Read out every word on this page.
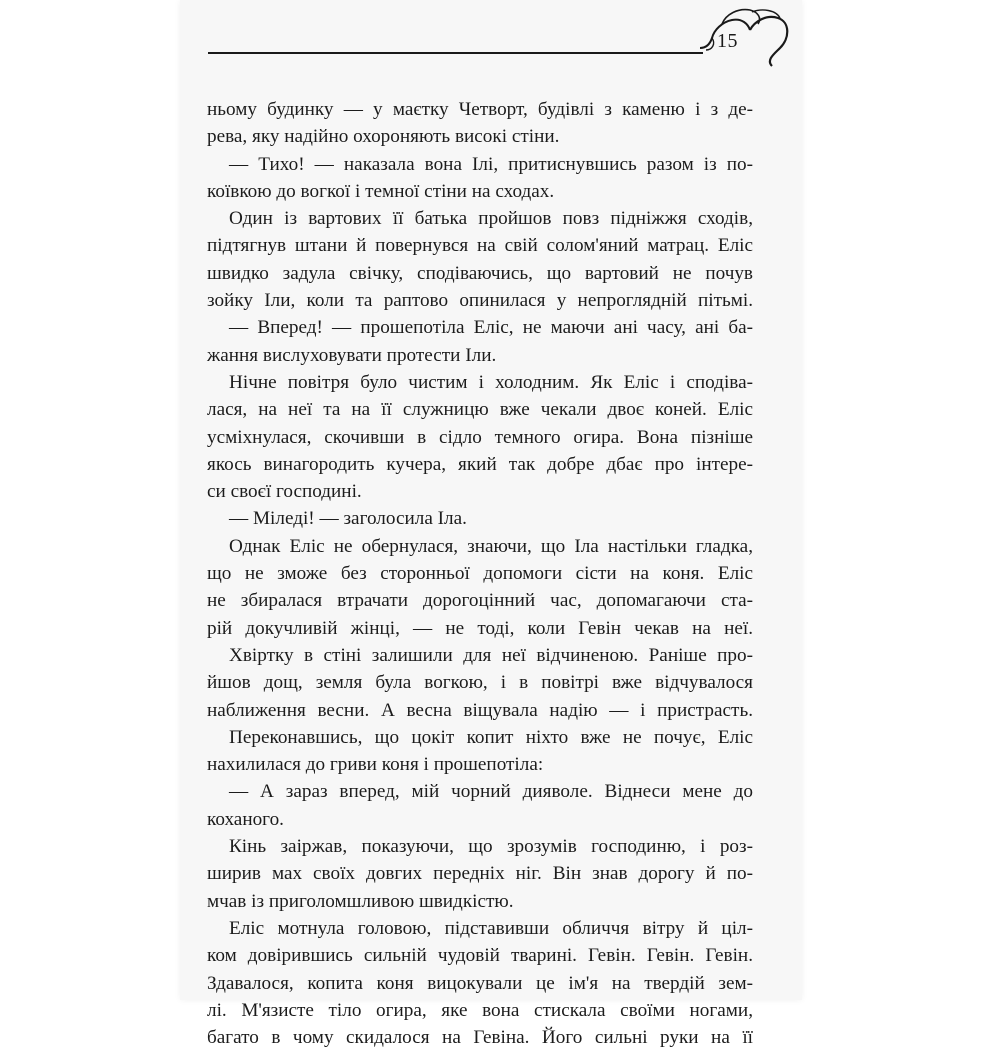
15
ньому будинку — у маєтку Четворт, будівлі з каменю і з де-
рева, яку надійно охороняють високі стіни.
— Тихо! — наказала вона Ілі, притиснувшись разом із по-
коївкою до вогкої і темної стіни на сходах.
Один із вартових її батька пройшов повз підніжжя сходів,
підтягнув штани й повернувся на свій солом'яний матрац. Еліс
швидко задула свічку, сподіваючись, що вартовий не почув
зойку Іли, коли та раптово опинилася у непроглядній пітьмі.
— Вперед! — прошепотіла Еліс, не маючи ані часу, ані ба-
жання вислуховувати протести Іли.
Нічне повітря було чистим і холодним. Як Еліс і сподіва-
лася, на неї та на її служницю вже чекали двоє коней. Еліс
усміхнулася, скочивши в сідло темного огира. Вона пізніше
якось винагородить кучера, який так добре дбає про інтере-
си своєї господині.
— Міледі! — заголосила Іла.
Однак Еліс не обернулася, знаючи, що Іла настільки гладка,
що не зможе без сторонньої допомоги сісти на коня. Еліс
не збиралася втрачати дорогоцінний час, допомагаючи ста-
рій докучливій жінці, — не тоді, коли Гевін чекав на неї.
Хвіртку в стіні залишили для неї відчиненою. Раніше про-
йшов дощ, земля була вогкою, і в повітрі вже відчувалося
наближення весни. А весна віщувала надію — і пристрасть.
Переконавшись, що цокіт копит ніхто вже не почує, Еліс
нахилилася до гриви коня і прошепотіла:
— А зараз вперед, мій чорний дияволе. Віднеси мене до
коханого.
Кінь заіржав, показуючи, що зрозумів господиню, і роз-
ширив мах своїх довгих передніх ніг. Він знав дорогу й по-
мчав із приголомшливою швидкістю.
Еліс мотнула головою, підставивши обличчя вітру й ціл-
ком довірившись сильній чудовій тварині. Гевін. Гевін. Гевін.
Здавалося, копита коня вицокували це ім'я на твердій зем-
лі. М'язисте тіло огира, яке вона стискала своїми ногами,
багато в чому скидалося на Гевіна. Його сильні руки на її
